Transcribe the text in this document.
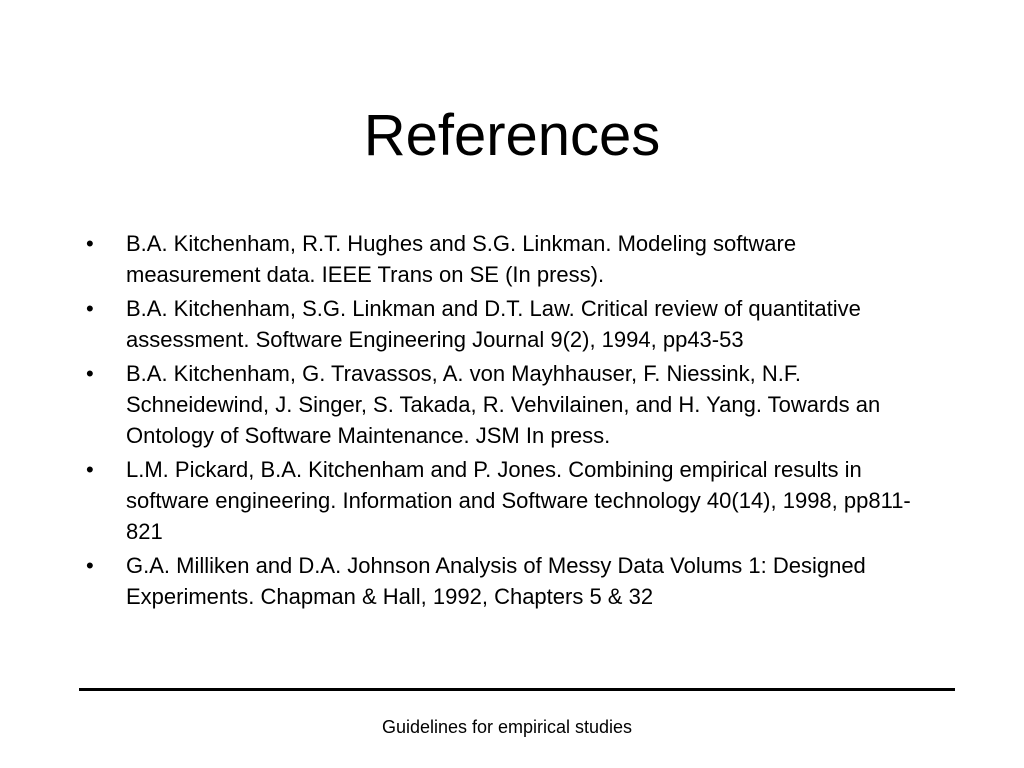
References
• B.A. Kitchenham, R.T. Hughes and S.G. Linkman. Modeling software measurement data. IEEE Trans on SE (In press).
• B.A. Kitchenham, S.G. Linkman and D.T. Law. Critical review of quantitative assessment. Software Engineering Journal 9(2), 1994, pp43-53
• B.A. Kitchenham, G. Travassos, A. von Mayhhauser, F. Niessink, N.F. Schneidewind, J. Singer, S. Takada, R. Vehvilainen, and H. Yang. Towards an Ontology of Software Maintenance. JSM In press.
• L.M. Pickard, B.A. Kitchenham and P. Jones. Combining empirical results in software engineering. Information and Software technology 40(14), 1998, pp811-821
• G.A. Milliken and D.A. Johnson Analysis of Messy Data Volums 1: Designed Experiments. Chapman & Hall, 1992, Chapters 5 & 32
Guidelines for empirical studies
